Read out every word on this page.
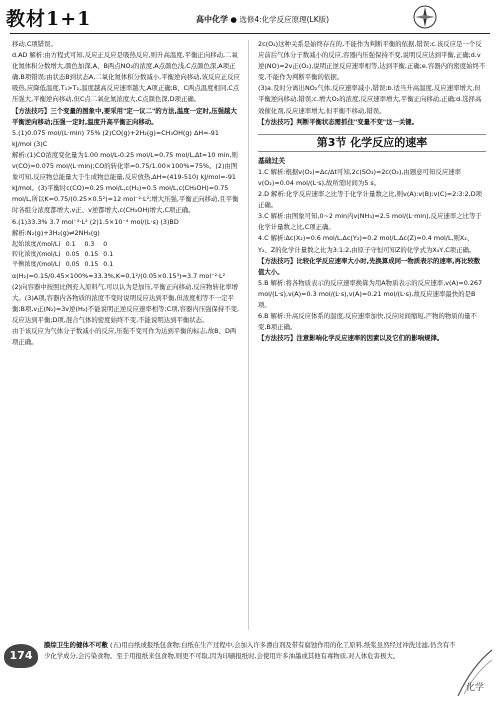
教材1+1	高中化学 ● 选修4:化学反应原理(LK版)

移动,C项错误。

d.AD 解析:由方程式可知,反应正反应是吸热反应,则升高温度,平衡正向移动,二氧化氮体积分数增大,颜色加深,A、B两点NO₂的浓度,A点颜色浅,C点颜色深,A项正确,B项错误;由状态B到状态A,二氧化氮体积分数减小,平衡逆向移动,该反应正反应吸热,应降低温度,T₁>T₂,温度越高反应速率越大,A项正确;B、C两点温度相同,C点压强大,平衡逆向移动,但C点二氧化氮浓度大,C点颜色深,D项正确。

【方法技巧】三个变量的图象中,要采用"定一议二"的方法,温度一定时,压强越大平衡逆向移动;压强一定时,温度升高平衡正向移动。

5.(1)0.075 mol/(L·min) 75% (2)CO(g)+2H₂(g)=CH₃OH(g) ΔH=-91 kJ/mol (3)C

解析:(1)CO浓度变化量为1.00 mol/L-0.25 mol/L=0.75 mol/L,Δt=10 min,则v(CO)=0.075 mol/(L·min);CO的转化率=0.75/1.00×100%=75%。(2)由图象可知,反应物总能量大于生成物总能量,反应放热,ΔH=(419-510) kJ/mol=-91 kJ/mol。(3)平衡时c(CO)=0.25 mol/L,c(H₂)=0.5 mol/L,c(CH₃OH)=0.75 mol/L,所以K=0.75/(0.25×0.5²)=12 mol⁻²·L²;增大压强,平衡正向移动,且平衡时各组分浓度都增大,v正、v逆都增大,c(CH₃OH)增大,C项正确。

6.(1)33.3% 3.7 mol⁻²·L² (2)1.5×10⁻⁴ mol/(L·s) (3)BD

解析:N₂(g)+3H₂(g)⇌2NH₃(g)

起始浓度/(mol/L)	0.1	0.3	0
转化浓度/(mol/L)	0.05	0.15	0.1
平衡浓度/(mol/L)	0.05	0.15	0.1

α(H₂)=0.15/0.45×100%≈33.3%,K=0.1²/(0.05×0.15³)≈3.7 mol⁻²·L²

(2)向容器中按照比例充入原料气,可以认为是加压,平衡正向移动,反应物转化率增大。(3)A项,容器内各物质的浓度不变时说明反应达到平衡,但浓度相等不一定平衡;B项,v正(N₂)=3v逆(H₂)不能说明正逆反应速率相等;C项,容器内压强保持不变,反应达到平衡;D项,混合气体的密度始终不变,不能说明达到平衡状态。

由于该反应为气体分子数减小的反应,压强不变可作为达到平衡的标志,故B、D两项正确。

2c(O₂)这种关系是始终存在的,不能作为判断平衡的依据,错误;c.该反应是一个反应前后气体分子数减小的反应,容器内压强保持不变,说明反应达到平衡,正确;d.v逆(NO)=2v正(O₂),说明正逆反应速率相等,达到平衡,正确;e.容器内的密度始终不变,不能作为判断平衡的依据。

(3)a.及时分离出NO₂气体,反应速率减小,错误;b.适当升高温度,反应速率增大,但平衡逆向移动,错误;c.增大O₂的浓度,反应速率增大,平衡正向移动,正确;d.选择高效催化剂,反应速率增大,但平衡不移动,错误。

【方法技巧】判断平衡状态需抓住"变量不变"这一关键。

第3节 化学反应的速率
基础过关

1.C 解析:根据v(O₂)=Δc/Δt可知,2c(SO₃)=2c(O₂),由题意可知反应速率v(O₂)=0.04 mol/(L·s),故所需时间为5 s。

2.D 解析:化学反应速率之比等于化学计量数之比,则v(A):v(B):v(C)=2:3:2,D项正确。

3.C 解析:由图象可知,0~2 min内v(NH₃)=2.5 mol/(L·min),反应速率之比等于化学计量数之比,C项正确。

4.C 解析:Δc(X₂)=0.6 mol/L,Δc(Y₂)=0.2 mol/L,Δc(Z)=0.4 mol/L,则X₂、Y₂、Z的化学计量数之比为3:1:2,由原子守恒可知Z的化学式为X₃Y,C项正确。

【方法技巧】比较化学反应速率大小时,先换算成同一物质表示的速率,再比较数值大小。

5.B 解析:将各物质表示的反应速率换算为用A物质表示的反应速率,v(A)=0.267 mol/(L·s),v(A)=0.3 mol/(L·s),v(A)=0.21 mol/(L·s),故反应速率最快的是B项。

6.B 解析:升高反应体系的温度,反应速率加快,反应时间缩短,产物的物质的量不变,B项正确。

【方法技巧】注意影响化学反应速率的因素以及它们的影响规律。

174
膜综卫生的健体不可敷 (五)用白纸或报纸包食物;白纸在生产过程中,会加入许多漂白剂及带有腐蚀作用的化工原料,纸浆虽然经过冲洗过滤,仍含有不少化学成分,会污染食物。至于用报纸来包食物,则更不可取,因为印刷报纸时,会使用许多油墨或其他有毒物质,对人体危害极大。
化学
